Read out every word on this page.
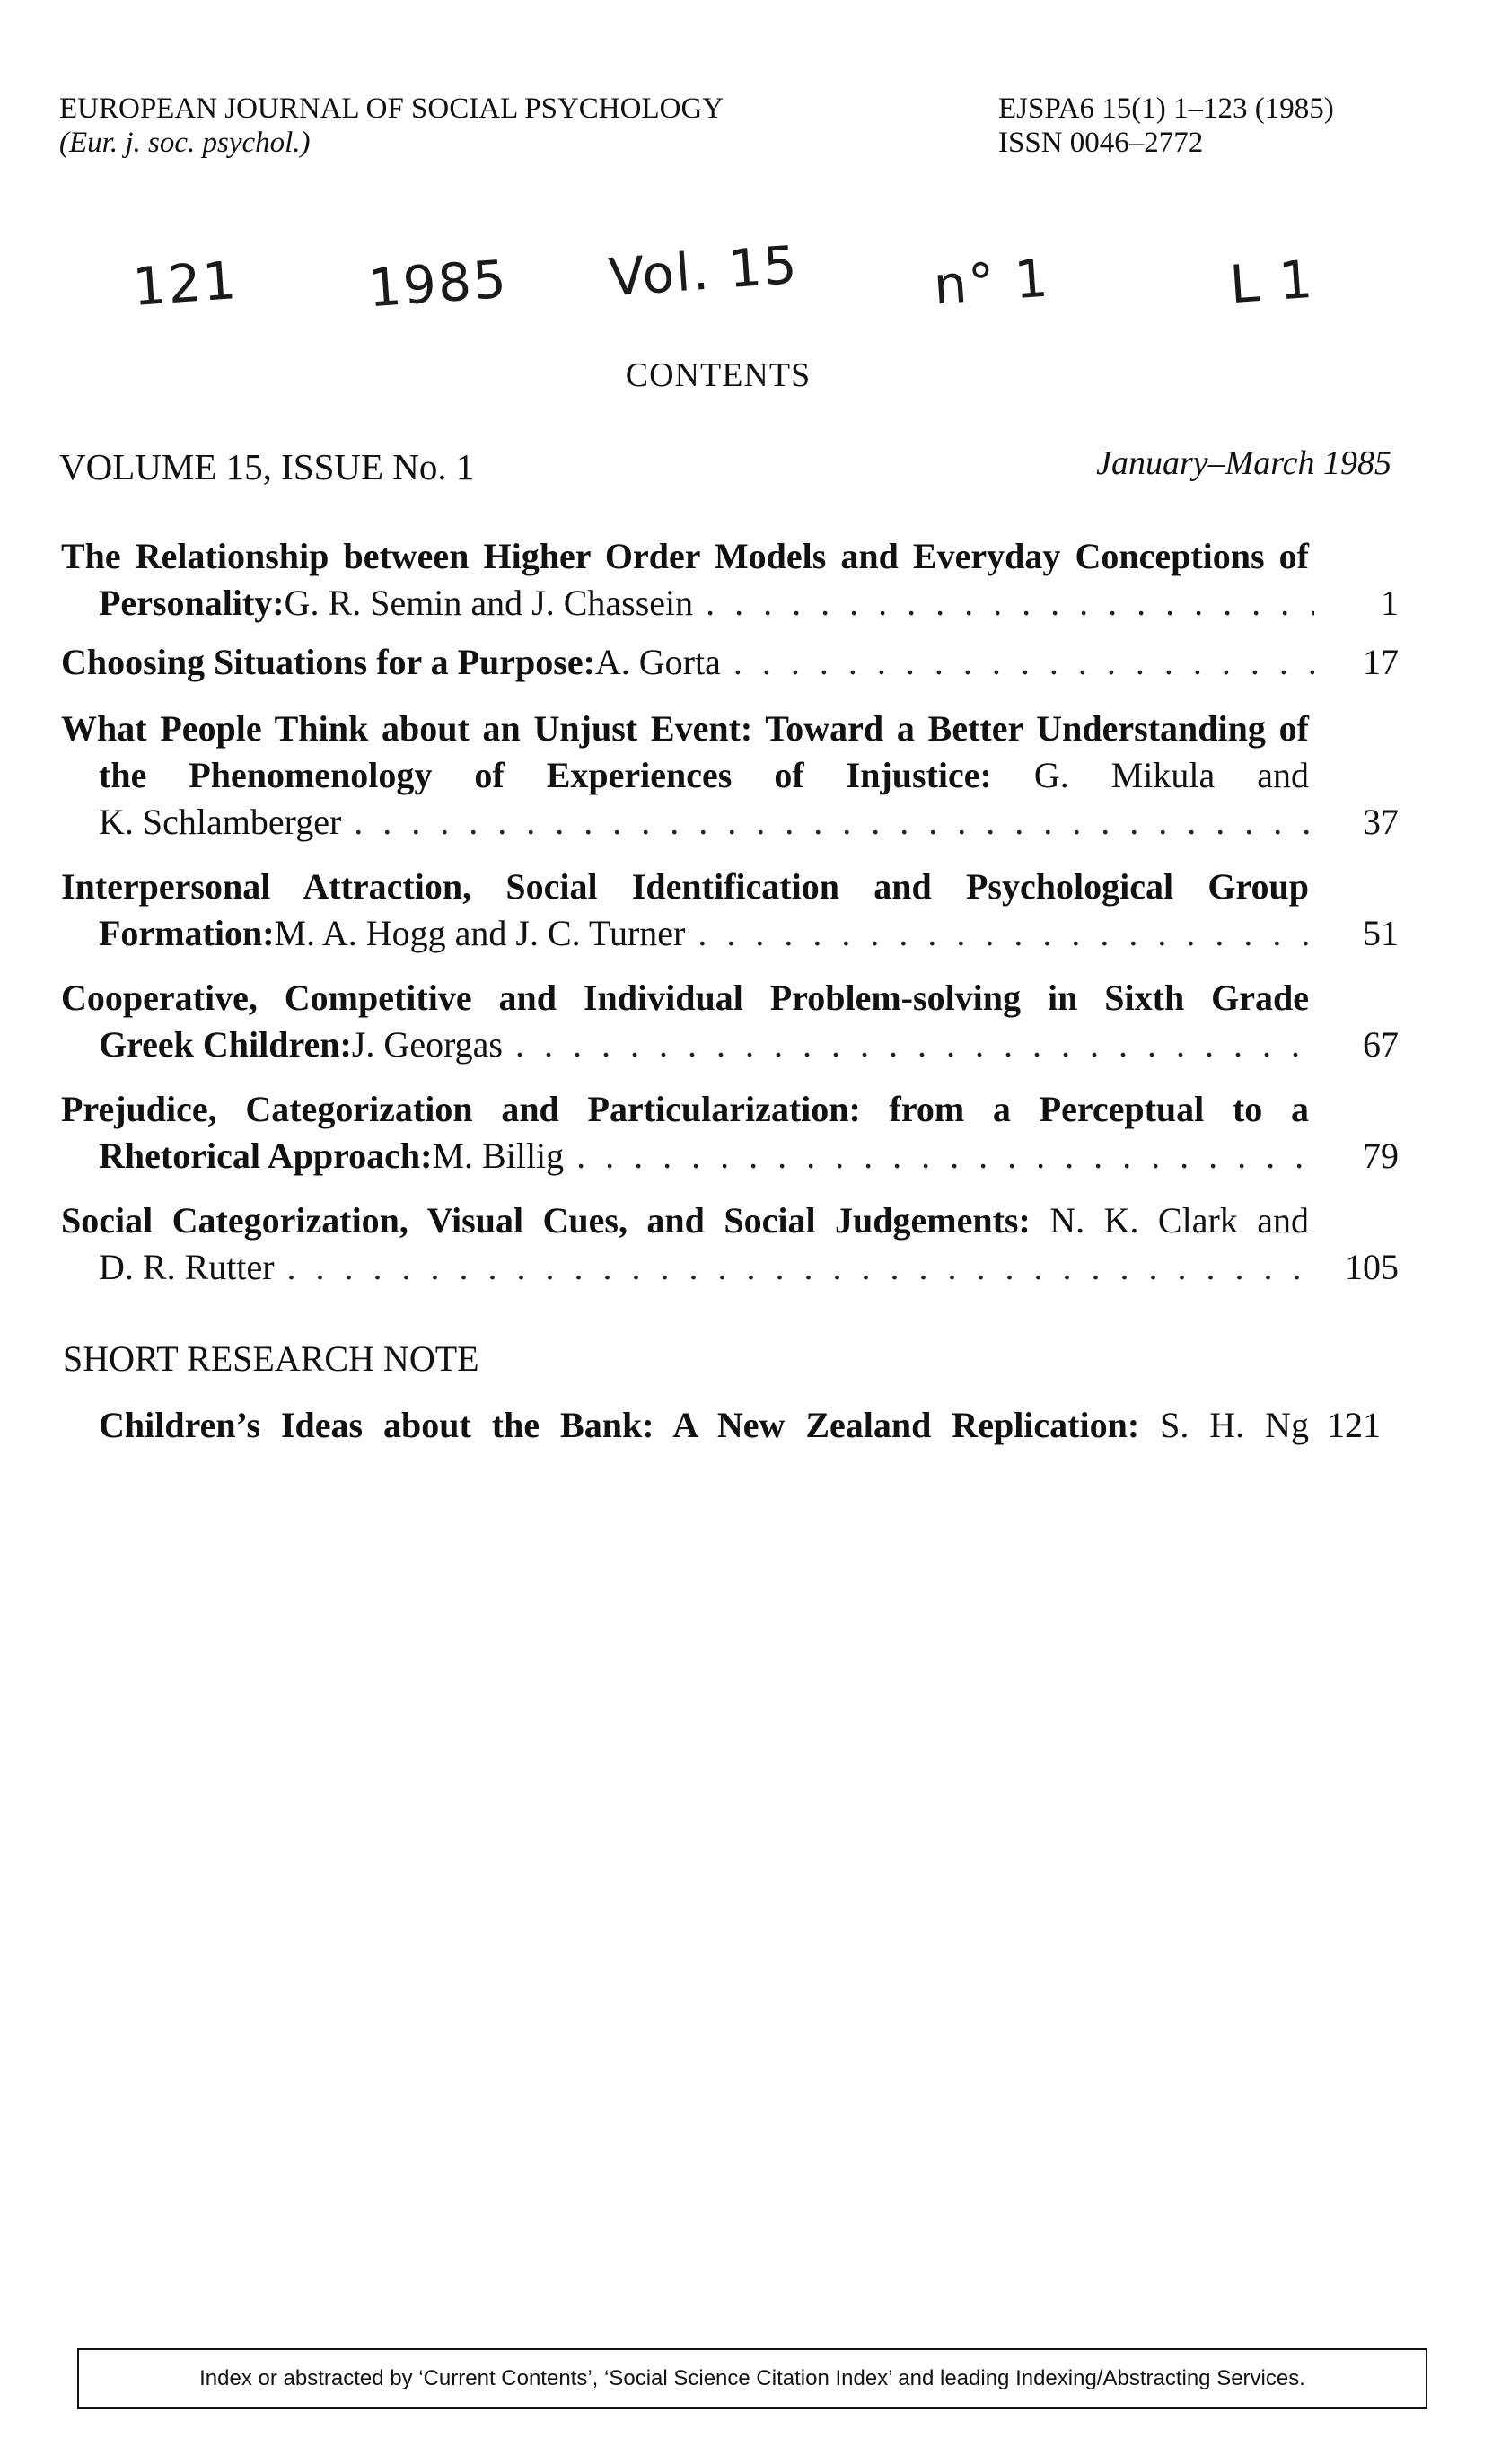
EUROPEAN JOURNAL OF SOCIAL PSYCHOLOGY
(Eur. j. soc. psychol.)
EJSPA6 15(1) 1–123 (1985)
ISSN 0046–2772
121 1985 Vol. 15	n° 1	L 1
CONTENTS
VOLUME 15, ISSUE No. 1	January–March 1985
The Relationship between Higher Order Models and Everyday Conceptions of
Personality: G. R. Semin and J. Chassein . . .	1
Choosing Situations for a Purpose: A. Gorta . . .	17
What People Think about an Unjust Event: Toward a Better Understanding of
the Phenomenology of Experiences of Injustice: G. Mikula and
K. Schlamberger . . .	37
Interpersonal Attraction, Social Identification and Psychological Group
Formation: M. A. Hogg and J. C. Turner . . .	51
Cooperative, Competitive and Individual Problem-solving in Sixth Grade
Greek Children: J. Georgas . . .	67
Prejudice, Categorization and Particularization: from a Perceptual to a
Rhetorical Approach: M. Billig . . .	79
Social Categorization, Visual Cues, and Social Judgements: N. K. Clark and
D. R. Rutter . . .	105
SHORT RESEARCH NOTE
Children’s Ideas about the Bank: A New Zealand Replication: S. H. Ng 121
Index or abstracted by ‘Current Contents’, ‘Social Science Citation Index’ and leading Indexing/Abstracting Services.
